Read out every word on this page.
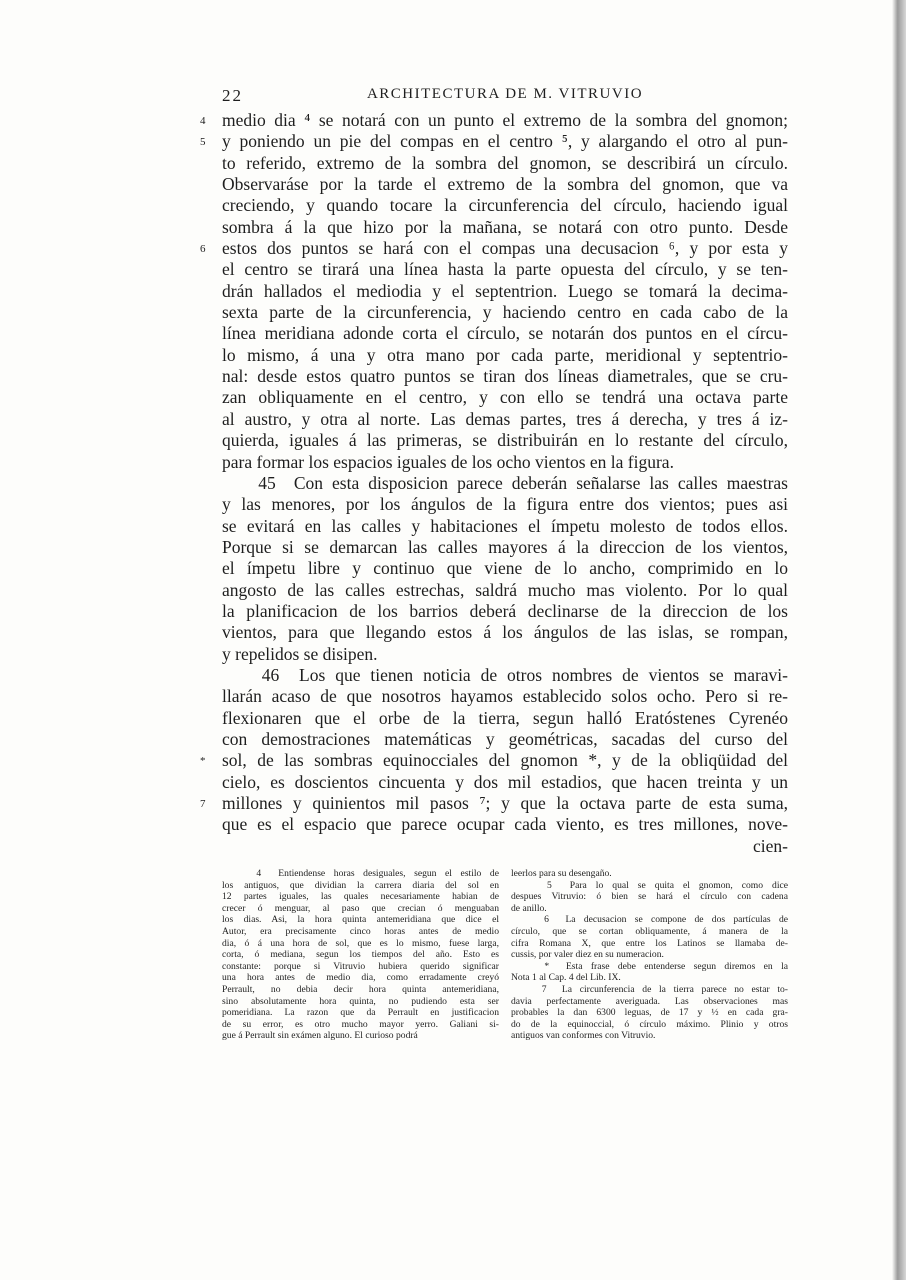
22	ARCHITECTURA DE M. VITRUVIO
4 medio dia ⁴ se notará con un punto el extremo de la sombra del gnomon;
5 y poniendo un pie del compas en el centro ⁵, y alargando el otro al pun-
to referido, extremo de la sombra del gnomon, se describirá un círculo.
Observaráse por la tarde el extremo de la sombra del gnomon, que va
creciendo, y quando tocare la circunferencia del círculo, haciendo igual
sombra á la que hizo por la mañana, se notará con otro punto. Desde
6 estos dos puntos se hará con el compas una decusacion ⁶, y por esta y
el centro se tirará una línea hasta la parte opuesta del círculo, y se ten-
drán hallados el mediodia y el septentrion. Luego se tomará la decima-
sexta parte de la circunferencia, y haciendo centro en cada cabo de la
línea meridiana adonde corta el círculo, se notarán dos puntos en el círcu-
lo mismo, á una y otra mano por cada parte, meridional y septentrio-
nal: desde estos quatro puntos se tiran dos líneas diametrales, que se cru-
zan obliquamente en el centro, y con ello se tendrá una octava parte
al austro, y otra al norte. Las demas partes, tres á derecha, y tres á iz-
quierda, iguales á las primeras, se distribuirán en lo restante del círculo,
para formar los espacios iguales de los ocho vientos en la figura.
45  Con esta disposicion parece deberán señalarse las calles maestras
y las menores, por los ángulos de la figura entre dos vientos; pues asi
se evitará en las calles y habitaciones el ímpetu molesto de todos ellos.
Porque si se demarcan las calles mayores á la direccion de los vientos,
el ímpetu libre y continuo que viene de lo ancho, comprimido en lo
angosto de las calles estrechas, saldrá mucho mas violento. Por lo qual
la planificacion de los barrios deberá declinarse de la direccion de los
vientos, para que llegando estos á los ángulos de las islas, se rompan,
y repelidos se disipen.
46  Los que tienen noticia de otros nombres de vientos se maravi-
llarán acaso de que nosotros hayamos establecido solos ocho. Pero si re-
flexionaren que el orbe de la tierra, segun halló Eratóstenes Cyrenéo
con demostraciones matemáticas y geométricas, sacadas del curso del
* sol, de las sombras equinocciales del gnomon *, y de la obliqüidad del
cielo, es doscientos cincuenta y dos mil estadios, que hacen treinta y un
7 millones y quinientos mil pasos ⁷; y que la octava parte de esta suma,
que es el espacio que parece ocupar cada viento, es tres millones, nove-
cien-
4  Entiendense horas desiguales, segun el estilo de
los antiguos, que dividian la carrera diaria del sol en
12 partes iguales, las quales necesariamente habian de
crecer ó menguar, al paso que crecian ó menguaban
los dias. Asi, la hora quinta antemeridiana que dice el
Autor, era precisamente cinco horas antes de medio
dia, ó á una hora de sol, que es lo mismo, fuese larga,
corta, ó mediana, segun los tiempos del año. Esto es
constante: porque si Vitruvio hubiera querido significar
una hora antes de medio dia, como erradamente creyó
Perrault, no debia decir hora quinta antemeridiana,
sino absolutamente hora quinta, no pudiendo esta ser
pomeridiana. La razon que da Perrault en justificacion
de su error, es otro mucho mayor yerro. Galiani si-
gue á Perrault sin exámen alguno. El curioso podrá
leerlos para su desengaño.
5  Para lo qual se quita el gnomon, como dice
despues Vitruvio: ó bien se hará el círculo con cadena
de anillo.
6  La decusacion se compone de dos partículas de
círculo, que se cortan obliquamente, á manera de la
cifra Romana X, que entre los Latinos se llamaba de-
cussis, por valer diez en su numeracion.
*  Esta frase debe entenderse segun diremos en la
Nota 1 al Cap. 4 del Lib. IX.
7  La circunferencia de la tierra parece no estar to-
davia perfectamente averiguada. Las observaciones mas
probables la dan 6300 leguas, de 17 y ½ en cada gra-
do de la equinoccial, ó círculo máximo. Plinio y otros
antiguos van conformes con Vitruvio.
